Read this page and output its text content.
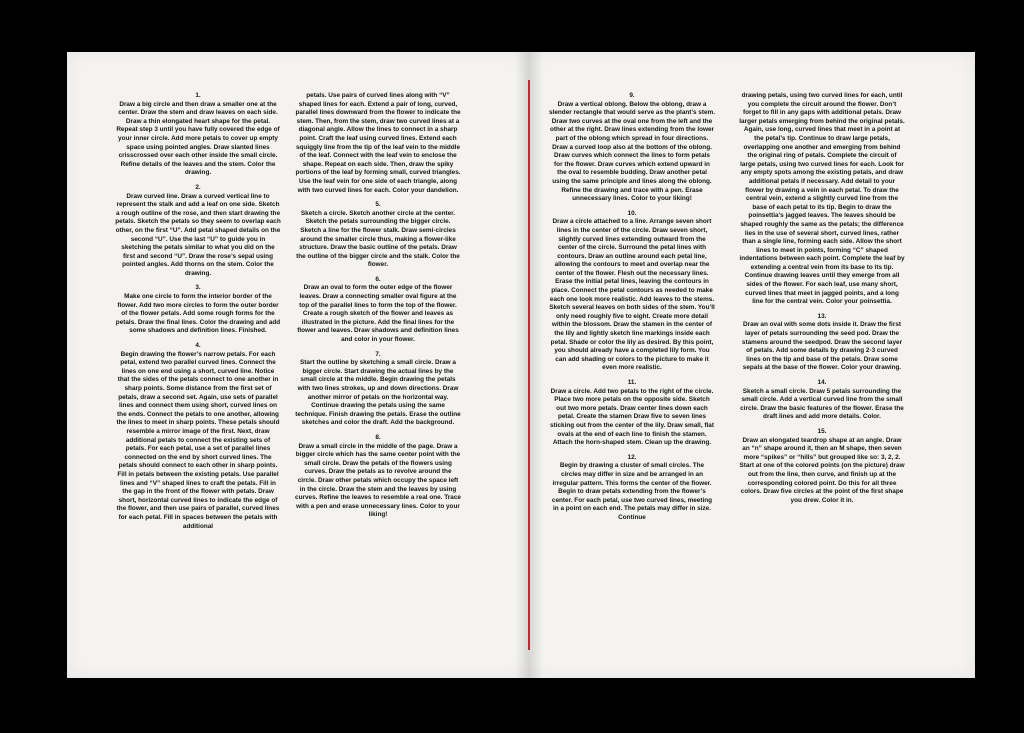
1.

Draw a big circle and then draw a smaller one at the center. Draw the stem and draw leaves on each side. Draw a thin elongated heart shape for the petal. Repeat step 3 until you have fully covered the edge of your inner circle. Add more petals to cover up empty space using pointed angles. Draw slanted lines crisscrossed over each other inside the small circle. Refine details of the leaves and the stem. Color the drawing.

2.

Draw curved line. Draw a curved vertical line to represent the stalk and add a leaf on one side. Sketch a rough outline of the rose, and then start drawing the petals. Sketch the petals so they seem to overlap each other, on the first “U”. Add petal shaped details on the second “U”. Use the last “U” to guide you in sketching the petals similar to what you did on the first and second “U”. Draw the rose’s sepal using pointed angles. Add thorns on the stem. Color the drawing.

3.

Make one circle to form the interior border of the flower. Add two more circles to form the outer border of the flower petals. Add some rough forms for the petals. Draw the final lines. Color the drawing and add some shadows and definition lines. Finished.

4.

Begin drawing the flower’s narrow petals. For each petal, extend two parallel curved lines. Connect the lines on one end using a short, curved line. Notice that the sides of the petals connect to one another in sharp points. Some distance from the first set of petals, draw a second set. Again, use sets of parallel lines and connect them using short, curved lines on the ends. Connect the petals to one another, allowing the lines to meet in sharp points. These petals should resemble a mirror image of the first. Next, draw additional petals to connect the existing sets of petals. For each petal, use a set of parallel lines connected on the end by short curved lines. The petals should connect to each other in sharp points. Fill in petals between the existing petals. Use parallel lines and “V” shaped lines to craft the petals. Fill in the gap in the front of the flower with petals. Draw short, horizontal curved lines to indicate the edge of the flower, and then use pairs of parallel, curved lines for each petal. Fill in spaces between the petals with additional

petals. Use pairs of curved lines along with “V” shaped lines for each. Extend a pair of long, curved, parallel lines downward from the flower to indicate the stem. Then, from the stem, draw two curved lines at a diagonal angle. Allow the lines to connect in a sharp point. Craft the leaf using curved lines. Extend each squiggly line from the tip of the leaf vein to the middle of the leaf. Connect with the leaf vein to enclose the shape. Repeat on each side. Then, draw the spiky portions of the leaf by forming small, curved triangles. Use the leaf vein for one side of each triangle, along with two curved lines for each. Color your dandelion.

5.

Sketch a circle. Sketch another circle at the center. Sketch the petals surrounding the bigger circle. Sketch a line for the flower stalk. Draw semi-circles around the smaller circle thus, making a flower-like structure. Draw the basic outline of the petals. Draw the outline of the bigger circle and the stalk. Color the flower.

6.

Draw an oval to form the outer edge of the flower leaves. Draw a connecting smaller oval figure at the top of the parallel lines to form the top of the flower. Create a rough sketch of the flower and leaves as illustrated in the picture. Add the final lines for the flower and leaves. Draw shadows and definition lines and color in your flower.

7.

Start the outline by sketching a small circle. Draw a bigger circle. Start drawing the actual lines by the small circle at the middle. Begin drawing the petals with two lines strokes, up and down directions. Draw another mirror of petals on the horizontal way. Continue drawing the petals using the same technique. Finish drawing the petals. Erase the outline sketches and color the draft. Add the background.

8.

Draw a small circle in the middle of the page. Draw a bigger circle which has the same center point with the small circle. Draw the petals of the flowers using curves. Draw the petals as to revolve around the circle. Draw other petals which occupy the space left in the circle. Draw the stem and the leaves by using curves. Refine the leaves to resemble a real one. Trace with a pen and erase unnecessary lines. Color to your liking!

9.

Draw a vertical oblong. Below the oblong, draw a slender rectangle that would serve as the plant’s stem. Draw two curves at the oval one from the left and the other at the right. Draw lines extending from the lower part of the oblong which spread in four directions. Draw a curved loop also at the bottom of the oblong. Draw curves which connect the lines to form petals for the flower. Draw curves which extend upward in the oval to resemble budding. Draw another petal using the same principle and lines along the oblong. Refine the drawing and trace with a pen. Erase unnecessary lines. Color to your liking!

10.

Draw a circle attached to a line. Arrange seven short lines in the center of the circle. Draw seven short, slightly curved lines extending outward from the center of the circle. Surround the petal lines with contours. Draw an outline around each petal line, allowing the contours to meet and overlap near the center of the flower. Flesh out the necessary lines. Erase the initial petal lines, leaving the contours in place. Connect the petal contours as needed to make each one look more realistic. Add leaves to the stems. Sketch several leaves on both sides of the stem. You’ll only need roughly five to eight. Create more detail within the blossom. Draw the stamen in the center of the lily and lightly sketch line markings inside each petal. Shade or color the lily as desired. By this point, you should already have a completed lily form. You can add shading or colors to the picture to make it even more realistic.

11.

Draw a circle. Add two petals to the right of the circle. Place two more petals on the opposite side. Sketch out two more petals. Draw center lines down each petal. Create the stamen Draw five to seven lines sticking out from the center of the lily. Draw small, flat ovals at the end of each line to finish the stamen. Attach the horn-shaped stem. Clean up the drawing.

12.

Begin by drawing a cluster of small circles. The circles may differ in size and be arranged in an irregular pattern. This forms the center of the flower. Begin to draw petals extending from the flower’s center. For each petal, use two curved lines, meeting in a point on each end. The petals may differ in size. Continue

drawing petals, using two curved lines for each, until you complete the circuit around the flower. Don’t forget to fill in any gaps with additional petals. Draw larger petals emerging from behind the original petals. Again, use long, curved lines that meet in a point at the petal’s tip. Continue to draw large petals, overlapping one another and emerging from behind the original ring of petals. Complete the circuit of large petals, using two curved lines for each. Look for any empty spots among the existing petals, and draw additional petals if necessary. Add detail to your flower by drawing a vein in each petal. To draw the central vein, extend a slightly curved line from the base of each petal to its tip. Begin to draw the poinsettia’s jagged leaves. The leaves should be shaped roughly the same as the petals; the difference lies in the use of several short, curved lines, rather than a single line, forming each side. Allow the short lines to meet in points, forming “C” shaped indentations between each point. Complete the leaf by extending a central vein from its base to its tip. Continue drawing leaves until they emerge from all sides of the flower. For each leaf, use many short, curved lines that meet in jagged points, and a long line for the central vein. Color your poinsettia.

13.

Draw an oval with some dots inside it. Draw the first layer of petals surrounding the seed pod. Draw the stamens around the seedpod. Draw the second layer of petals. Add some details by drawing 2-3 curved lines on the tip and base of the petals. Draw some sepals at the base of the flower. Color your drawing.

14.

Sketch a small circle. Draw 5 petals surrounding the small circle. Add a vertical curved line from the small circle. Draw the basic features of the flower. Erase the draft lines and add more details. Color.

15.

Draw an elongated teardrop shape at an angle. Draw an “n” shape around it, then an M shape, then seven more “spikes” or “hills” but grouped like so: 3, 2, 2. Start at one of the colored points (on the picture) draw out from the line, then curve, and finish up at the corresponding colored point. Do this for all three colors. Draw five circles at the point of the first shape you drew. Color it in.
